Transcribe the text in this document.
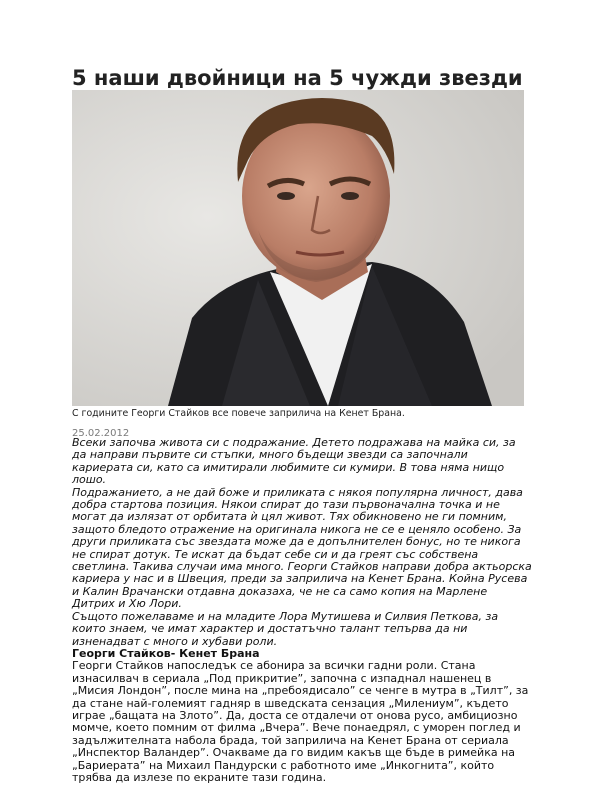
5 наши двойници на 5 чужди звезди
С годините Георги Стайков все повече заприлича на Кенет Брана.
25.02.2012

Всеки започва живота си с подражание. Детето подражава на майка си, за да направи първите си стъпки, много бъдещи звезди са започнали кариерата си, като са имитирали любимите си кумири. В това няма нищо лошо.

Подражанието, а не дай боже и приликата с някоя популярна личност, дава добра стартова позиция. Някои спират до тази първоначална точка и не могат да излязат от орбитата ѝ цял живот. Тях обикновено не ги помним, защото бледото отражение на оригинала никога не се е ценяло особено. За други приликата със звездата може да е допълнителен бонус, но те никога не спират дотук. Те искат да бъдат себе си и да греят със собствена светлина. Такива случаи има много. Георги Стайков направи добра актьорска кариера у нас и в Швеция, преди за заприлича на Кенет Брана. Койна Русева и Калин Врачански отдавна доказаха, че не са само копия на Марлене Дитрих и Хю Лори.

Същото пожелаваме и на младите Лора Мутишева и Силвия Петкова, за които знаем, че имат характер и достатъчно талант тепърва да ни изненадват с много и хубави роли.

Георги Стайков- Кенет Брана

Георги Стайков напоследък се абонира за всички гадни роли. Стана изнасилвач в сериала „Под прикритие”, започна с изпаднал нашенец в „Мисия Лондон”, после мина на „пребоядисало” се ченге в мутра в „Тилт”, за да стане най-големият гадняр в шведската сензация „Милениум”, където играе „бащата на Злото”. Да, доста се отдалечи от онова русо, амбициозно момче, което помним от филма „Вчера”. Вече понаедрял, с уморен поглед и задължителната набола брада, той заприлича на Кенет Брана от сериала „Инспектор Валандер”. Очакваме да го видим какъв ще бъде в римейка на „Бариерата” на Михаил Пандурски с работното име „Инкогнита”, който трябва да излезе по екраните тази година.
